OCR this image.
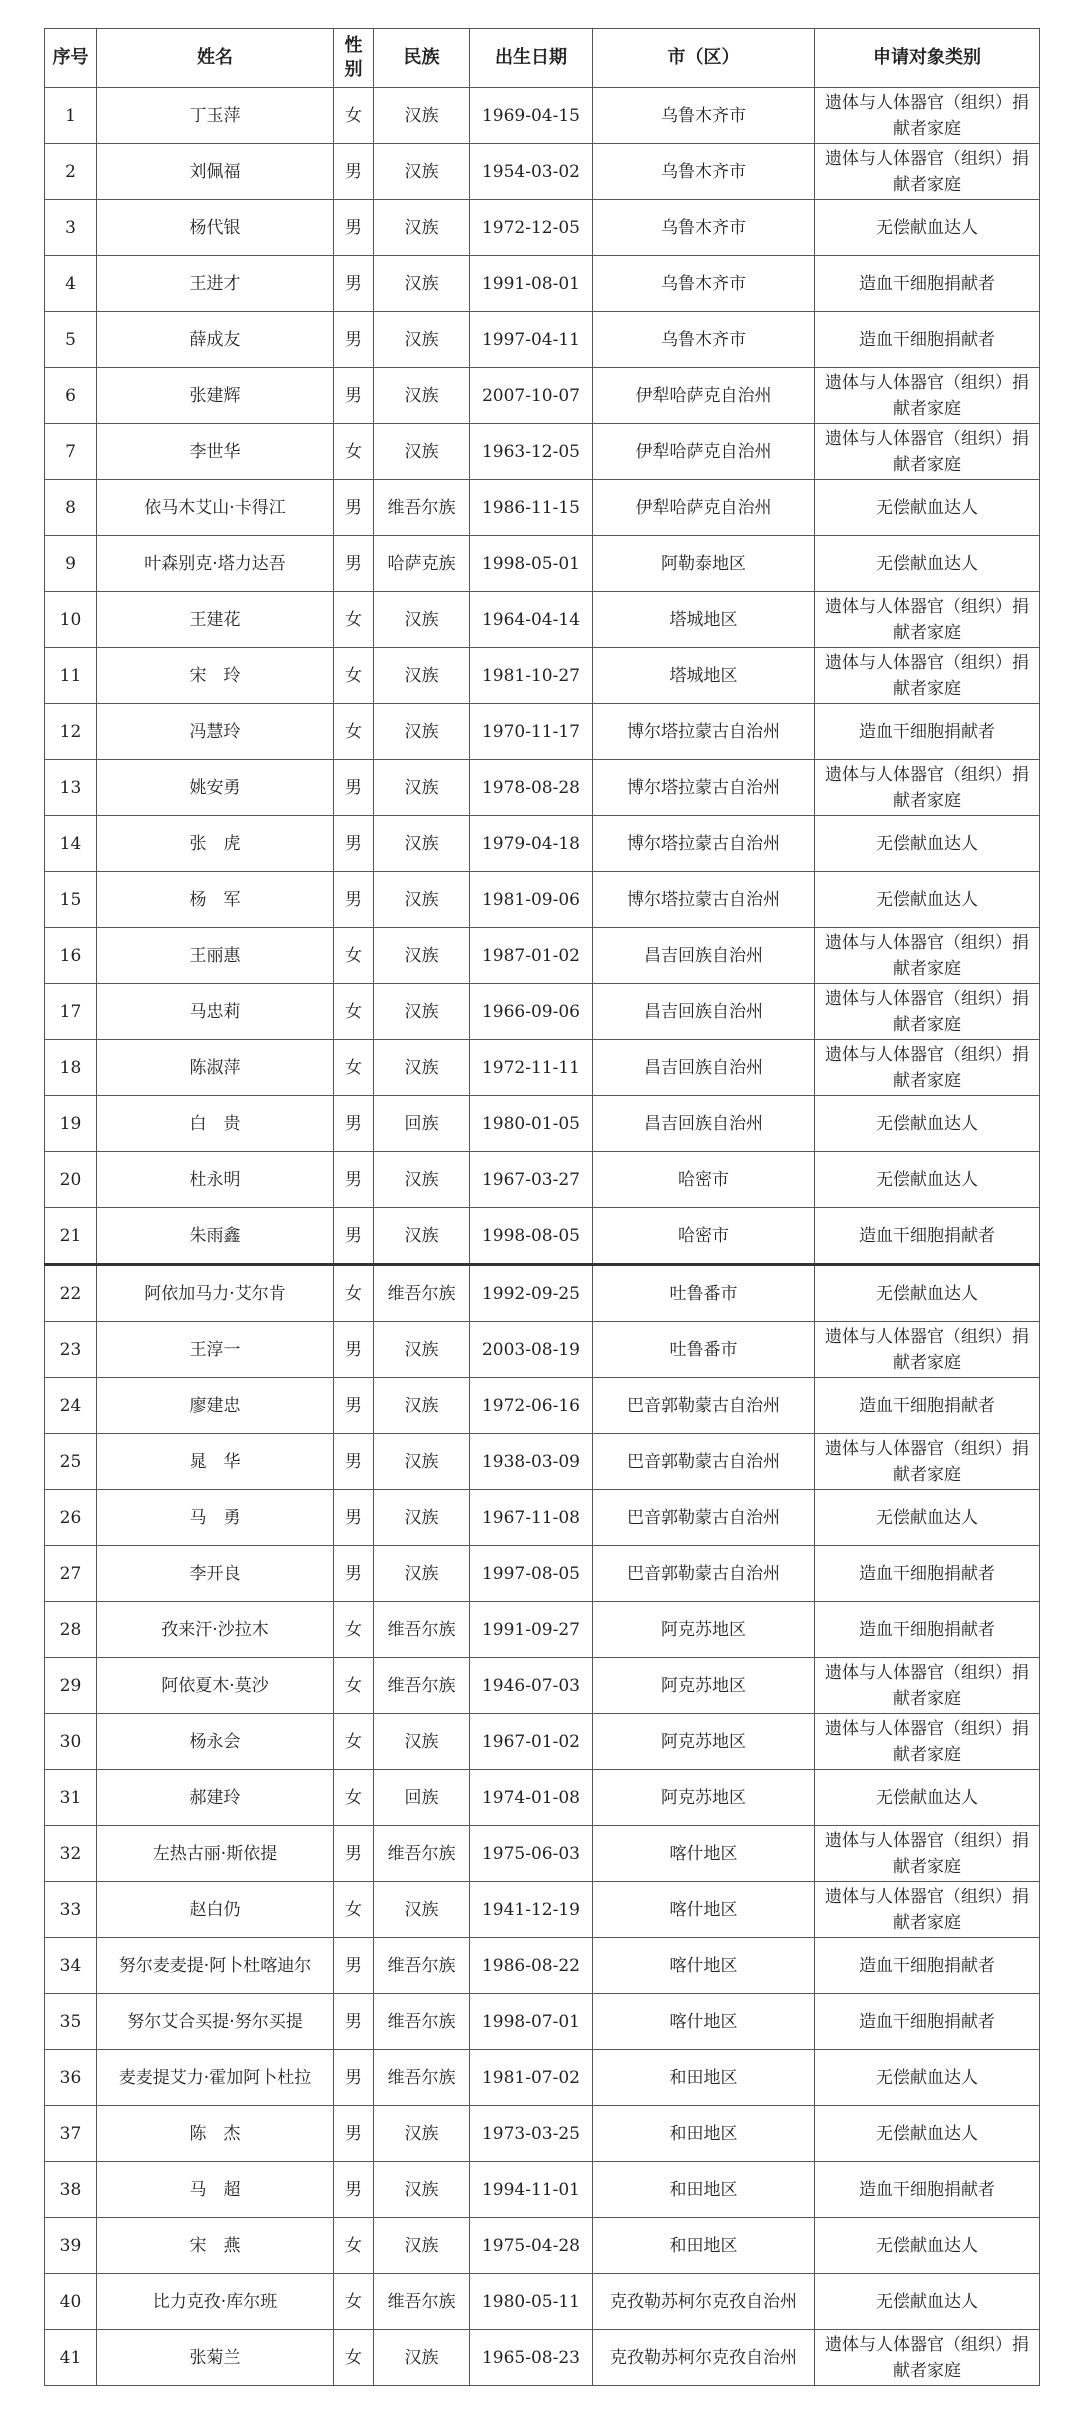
序号	姓名	性别	民族	出生日期	市（区）	申请对象类别
1	丁玉萍	女	汉族	1969-04-15	乌鲁木齐市	遗体与人体器官（组织）捐献者家庭
2	刘佩福	男	汉族	1954-03-02	乌鲁木齐市	遗体与人体器官（组织）捐献者家庭
3	杨代银	男	汉族	1972-12-05	乌鲁木齐市	无偿献血达人
4	王进才	男	汉族	1991-08-01	乌鲁木齐市	造血干细胞捐献者
5	薛成友	男	汉族	1997-04-11	乌鲁木齐市	造血干细胞捐献者
6	张建辉	男	汉族	2007-10-07	伊犁哈萨克自治州	遗体与人体器官（组织）捐献者家庭
7	李世华	女	汉族	1963-12-05	伊犁哈萨克自治州	遗体与人体器官（组织）捐献者家庭
8	依马木艾山·卡得江	男	维吾尔族	1986-11-15	伊犁哈萨克自治州	无偿献血达人
9	叶森别克·塔力达吾	男	哈萨克族	1998-05-01	阿勒泰地区	无偿献血达人
10	王建花	女	汉族	1964-04-14	塔城地区	遗体与人体器官（组织）捐献者家庭
11	宋　玲	女	汉族	1981-10-27	塔城地区	遗体与人体器官（组织）捐献者家庭
12	冯慧玲	女	汉族	1970-11-17	博尔塔拉蒙古自治州	造血干细胞捐献者
13	姚安勇	男	汉族	1978-08-28	博尔塔拉蒙古自治州	遗体与人体器官（组织）捐献者家庭
14	张　虎	男	汉族	1979-04-18	博尔塔拉蒙古自治州	无偿献血达人
15	杨　军	男	汉族	1981-09-06	博尔塔拉蒙古自治州	无偿献血达人
16	王丽惠	女	汉族	1987-01-02	昌吉回族自治州	遗体与人体器官（组织）捐献者家庭
17	马忠莉	女	汉族	1966-09-06	昌吉回族自治州	遗体与人体器官（组织）捐献者家庭
18	陈淑萍	女	汉族	1972-11-11	昌吉回族自治州	遗体与人体器官（组织）捐献者家庭
19	白　贵	男	回族	1980-01-05	昌吉回族自治州	无偿献血达人
20	杜永明	男	汉族	1967-03-27	哈密市	无偿献血达人
21	朱雨鑫	男	汉族	1998-08-05	哈密市	造血干细胞捐献者
22	阿依加马力·艾尔肯	女	维吾尔族	1992-09-25	吐鲁番市	无偿献血达人
23	王淳一	男	汉族	2003-08-19	吐鲁番市	遗体与人体器官（组织）捐献者家庭
24	廖建忠	男	汉族	1972-06-16	巴音郭勒蒙古自治州	造血干细胞捐献者
25	晁　华	男	汉族	1938-03-09	巴音郭勒蒙古自治州	遗体与人体器官（组织）捐献者家庭
26	马　勇	男	汉族	1967-11-08	巴音郭勒蒙古自治州	无偿献血达人
27	李开良	男	汉族	1997-08-05	巴音郭勒蒙古自治州	造血干细胞捐献者
28	孜来汗·沙拉木	女	维吾尔族	1991-09-27	阿克苏地区	造血干细胞捐献者
29	阿依夏木·莫沙	女	维吾尔族	1946-07-03	阿克苏地区	遗体与人体器官（组织）捐献者家庭
30	杨永会	女	汉族	1967-01-02	阿克苏地区	遗体与人体器官（组织）捐献者家庭
31	郝建玲	女	回族	1974-01-08	阿克苏地区	无偿献血达人
32	左热古丽·斯依提	男	维吾尔族	1975-06-03	喀什地区	遗体与人体器官（组织）捐献者家庭
33	赵白仍	女	汉族	1941-12-19	喀什地区	遗体与人体器官（组织）捐献者家庭
34	努尔麦麦提·阿卜杜喀迪尔	男	维吾尔族	1986-08-22	喀什地区	造血干细胞捐献者
35	努尔艾合买提·努尔买提	男	维吾尔族	1998-07-01	喀什地区	造血干细胞捐献者
36	麦麦提艾力·霍加阿卜杜拉	男	维吾尔族	1981-07-02	和田地区	无偿献血达人
37	陈　杰	男	汉族	1973-03-25	和田地区	无偿献血达人
38	马　超	男	汉族	1994-11-01	和田地区	造血干细胞捐献者
39	宋　燕	女	汉族	1975-04-28	和田地区	无偿献血达人
40	比力克孜·库尔班	女	维吾尔族	1980-05-11	克孜勒苏柯尔克孜自治州	无偿献血达人
41	张菊兰	女	汉族	1965-08-23	克孜勒苏柯尔克孜自治州	遗体与人体器官（组织）捐献者家庭
